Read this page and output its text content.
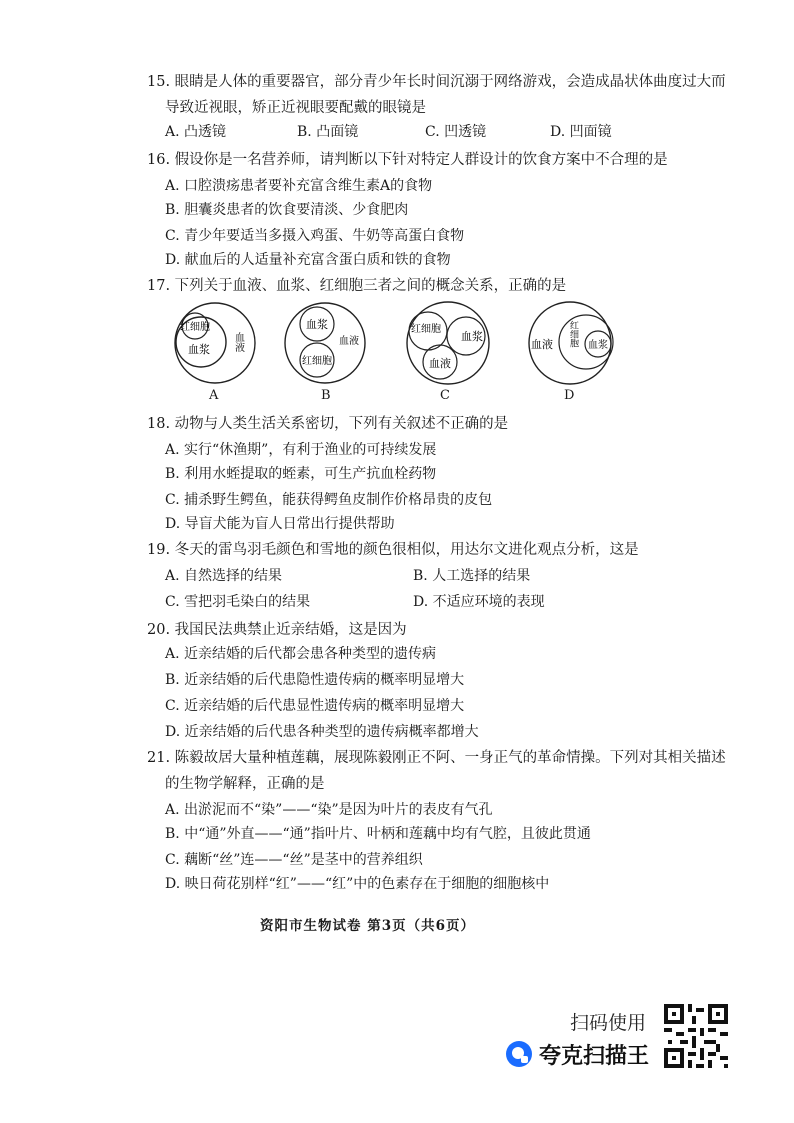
15. 眼睛是人体的重要器官，部分青少年长时间沉溺于网络游戏，会造成晶状体曲度过大而
导致近视眼，矫正近视眼要配戴的眼镜是
A. 凸透镜	B. 凸面镜	C. 凹透镜	D. 凹面镜
16. 假设你是一名营养师，请判断以下针对特定人群设计的饮食方案中不合理的是
A. 口腔溃疡患者要补充富含维生素A的食物
B. 胆囊炎患者的饮食要清淡、少食肥肉
C. 青少年要适当多摄入鸡蛋、牛奶等高蛋白食物
D. 献血后的人适量补充富含蛋白质和铁的食物
17. 下列关于血液、血浆、红细胞三者之间的概念关系，正确的是
红细胞
血浆 血液
A
血浆
红细胞
血液
B
红细胞
血浆
血液
C
血液 红细胞 血浆
D
18. 动物与人类生活关系密切，下列有关叙述不正确的是
A. 实行“休渔期”，有利于渔业的可持续发展
B. 利用水蛭提取的蛭素，可生产抗血栓药物
C. 捕杀野生鳄鱼，能获得鳄鱼皮制作价格昂贵的皮包
D. 导盲犬能为盲人日常出行提供帮助
19. 冬天的雷鸟羽毛颜色和雪地的颜色很相似，用达尔文进化观点分析，这是
A. 自然选择的结果	B. 人工选择的结果
C. 雪把羽毛染白的结果	D. 不适应环境的表现
20. 我国民法典禁止近亲结婚，这是因为
A. 近亲结婚的后代都会患各种类型的遗传病
B. 近亲结婚的后代患隐性遗传病的概率明显增大
C. 近亲结婚的后代患显性遗传病的概率明显增大
D. 近亲结婚的后代患各种类型的遗传病概率都增大
21. 陈毅故居大量种植莲藕，展现陈毅刚正不阿、一身正气的革命情操。下列对其相关描述
的生物学解释，正确的是
A. 出淤泥而不“染”——“染”是因为叶片的表皮有气孔
B. 中“通”外直——“通”指叶片、叶柄和莲藕中均有气腔，且彼此贯通
C. 藕断“丝”连——“丝”是茎中的营养组织
D. 映日荷花别样“红”——“红”中的色素存在于细胞的细胞核中
资阳市生物试卷 第3页（共6页）
扫码使用
夸克扫描王
